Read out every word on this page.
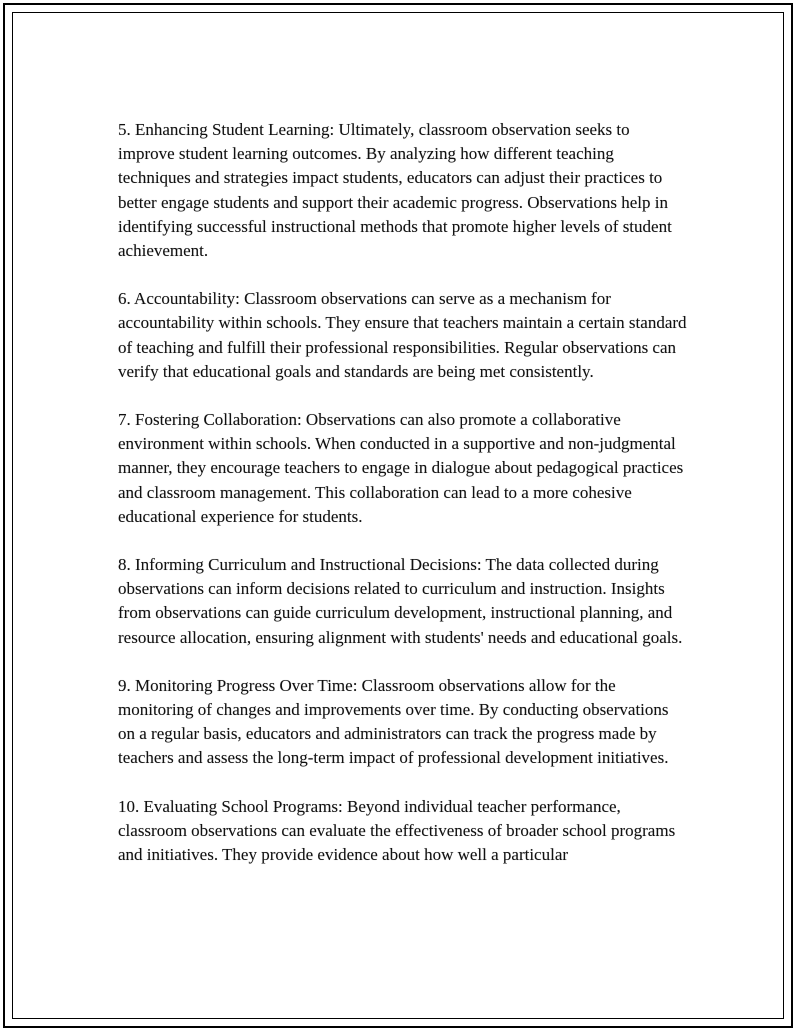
5. Enhancing Student Learning: Ultimately, classroom observation seeks to improve student learning outcomes. By analyzing how different teaching techniques and strategies impact students, educators can adjust their practices to better engage students and support their academic progress. Observations help in identifying successful instructional methods that promote higher levels of student achievement.

6. Accountability: Classroom observations can serve as a mechanism for accountability within schools. They ensure that teachers maintain a certain standard of teaching and fulfill their professional responsibilities. Regular observations can verify that educational goals and standards are being met consistently.

7. Fostering Collaboration: Observations can also promote a collaborative environment within schools. When conducted in a supportive and non-judgmental manner, they encourage teachers to engage in dialogue about pedagogical practices and classroom management. This collaboration can lead to a more cohesive educational experience for students.

8. Informing Curriculum and Instructional Decisions: The data collected during observations can inform decisions related to curriculum and instruction. Insights from observations can guide curriculum development, instructional planning, and resource allocation, ensuring alignment with students' needs and educational goals.

9. Monitoring Progress Over Time: Classroom observations allow for the monitoring of changes and improvements over time. By conducting observations on a regular basis, educators and administrators can track the progress made by teachers and assess the long-term impact of professional development initiatives.

10. Evaluating School Programs: Beyond individual teacher performance, classroom observations can evaluate the effectiveness of broader school programs and initiatives. They provide evidence about how well a particular
